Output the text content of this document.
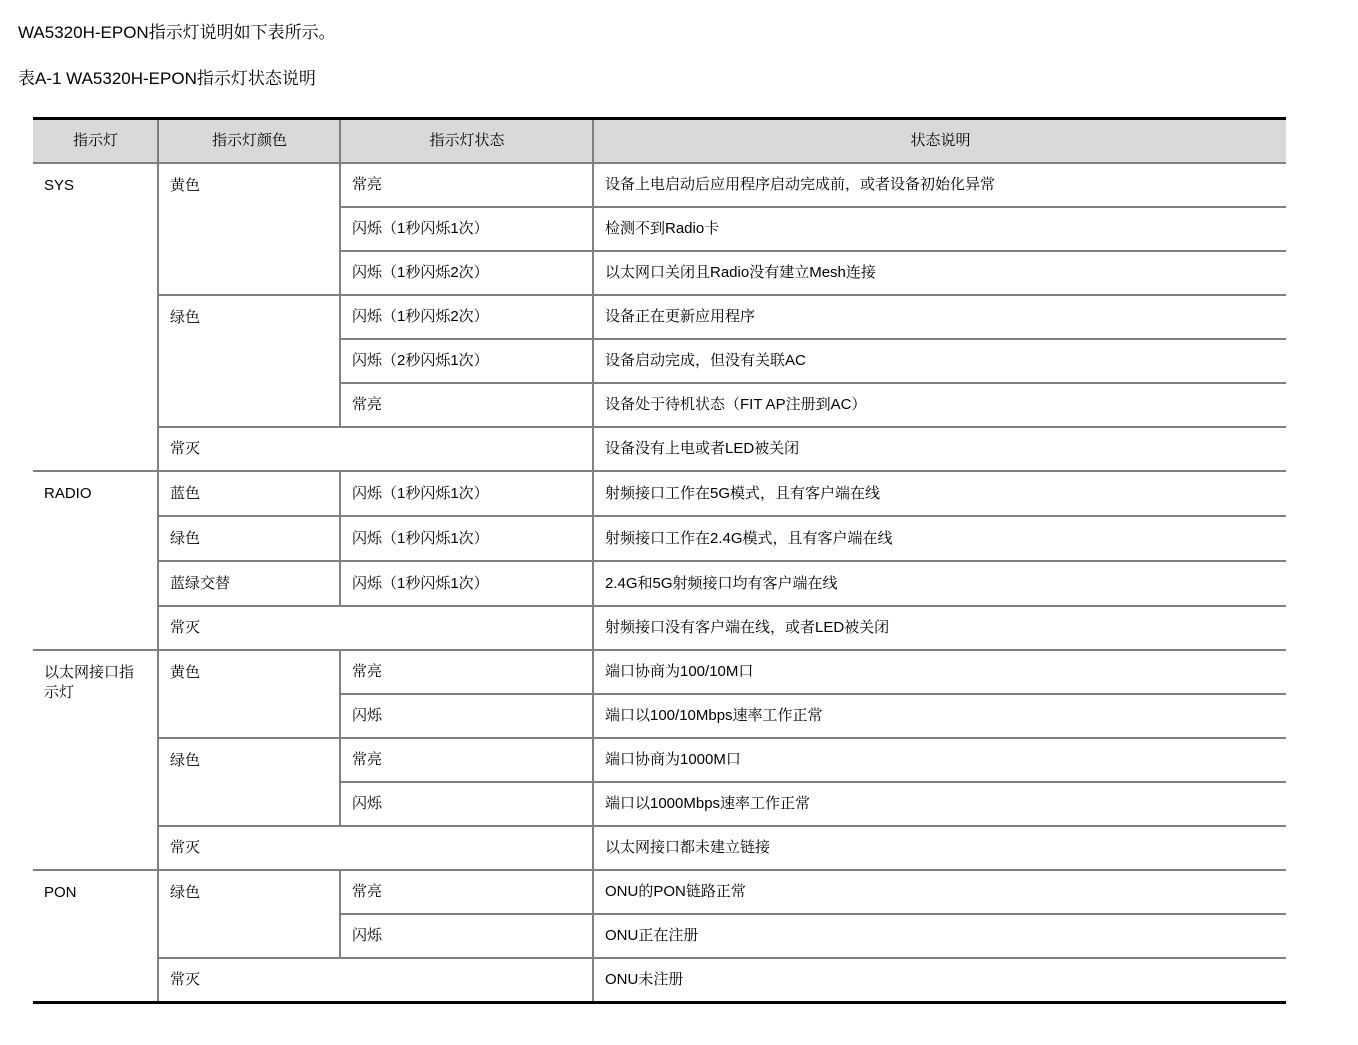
WA5320H-EPON指示灯说明如下表所示。

表A-1 WA5320H-EPON指示灯状态说明

指示灯	指示灯颜色	指示灯状态	状态说明
SYS	黄色	常亮	设备上电启动后应用程序启动完成前，或者设备初始化异常
		闪烁（1秒闪烁1次）	检测不到Radio卡
		闪烁（1秒闪烁2次）	以太网口关闭且Radio没有建立Mesh连接
	绿色	闪烁（1秒闪烁2次）	设备正在更新应用程序
		闪烁（2秒闪烁1次）	设备启动完成，但没有关联AC
		常亮	设备处于待机状态（FIT AP注册到AC）
	常灭		设备没有上电或者LED被关闭
RADIO	蓝色	闪烁（1秒闪烁1次）	射频接口工作在5G模式，且有客户端在线
	绿色	闪烁（1秒闪烁1次）	射频接口工作在2.4G模式，且有客户端在线
	蓝绿交替	闪烁（1秒闪烁1次）	2.4G和5G射频接口均有客户端在线
	常灭		射频接口没有客户端在线，或者LED被关闭
以太网接口指示灯	黄色	常亮	端口协商为100/10M口
		闪烁	端口以100/10Mbps速率工作正常
	绿色	常亮	端口协商为1000M口
		闪烁	端口以1000Mbps速率工作正常
	常灭		以太网接口都未建立链接
PON	绿色	常亮	ONU的PON链路正常
		闪烁	ONU正在注册
	常灭		ONU未注册
